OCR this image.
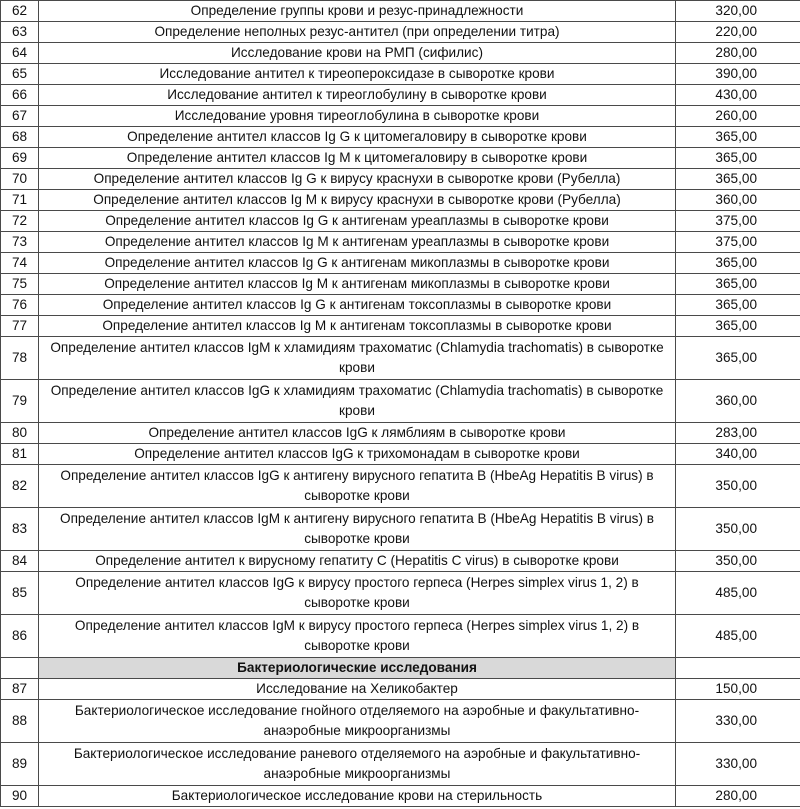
62	Определение группы крови и резус-принадлежности	320,00
63	Определение неполных резус-антител (при определении титра)	220,00
64	Исследование крови на РМП (сифилис)	280,00
65	Исследование антител к тиреопероксидазе в сыворотке крови	390,00
66	Исследование антител к тиреоглобулину в сыворотке крови	430,00
67	Исследование уровня тиреоглобулина в сыворотке крови	260,00
68	Определение антител классов Ig G к цитомегаловиру в сыворотке крови	365,00
69	Определение антител классов Ig M к цитомегаловиру в сыворотке крови	365,00
70	Определение антител классов Ig G к вирусу краснухи в сыворотке крови (Рубелла)	365,00
71	Определение антител классов Ig M к вирусу краснухи в сыворотке крови (Рубелла)	360,00
72	Определение антител классов Ig G к антигенам уреаплазмы в сыворотке крови	375,00
73	Определение антител классов Ig M к антигенам уреаплазмы в сыворотке крови	375,00
74	Определение антител классов Ig G к антигенам микоплазмы в сыворотке крови	365,00
75	Определение антител классов Ig M к антигенам микоплазмы в сыворотке крови	365,00
76	Определение антител классов Ig G к антигенам токсоплазмы в сыворотке крови	365,00
77	Определение антител классов Ig M к антигенам токсоплазмы в сыворотке крови	365,00
78	Определение антител классов IgM к хламидиям трахоматис (Chlamydia trachomatis) в сыворотке крови	365,00
79	Определение антител классов IgG к хламидиям трахоматис (Chlamydia trachomatis) в сыворотке крови	360,00
80	Определение антител классов IgG к лямблиям в сыворотке крови	283,00
81	Определение антител классов IgG к трихомонадам в сыворотке крови	340,00
82	Определение антител классов IgG к антигену вирусного гепатита В (HbeAg Hepatitis B virus) в сыворотке крови	350,00
83	Определение антител классов IgM к антигену вирусного гепатита В (HbeAg Hepatitis B virus) в сыворотке крови	350,00
84	Определение антител к вирусному гепатиту С (Hepatitis C virus) в сыворотке крови	350,00
85	Определение антител классов IgG к вирусу простого герпеса (Herpes simplex virus 1, 2) в сыворотке крови	485,00
86	Определение антител классов IgM к вирусу простого герпеса (Herpes simplex virus 1, 2) в сыворотке крови	485,00
	Бактериологические исследования	
87	Исследование на Хеликобактер	150,00
88	Бактериологическое исследование гнойного отделяемого на аэробные и факультативно-анаэробные микроорганизмы	330,00
89	Бактериологическое исследование раневого отделяемого на аэробные и факультативно-анаэробные микроорганизмы	330,00
90	Бактериологическое исследование крови на стерильность	280,00
